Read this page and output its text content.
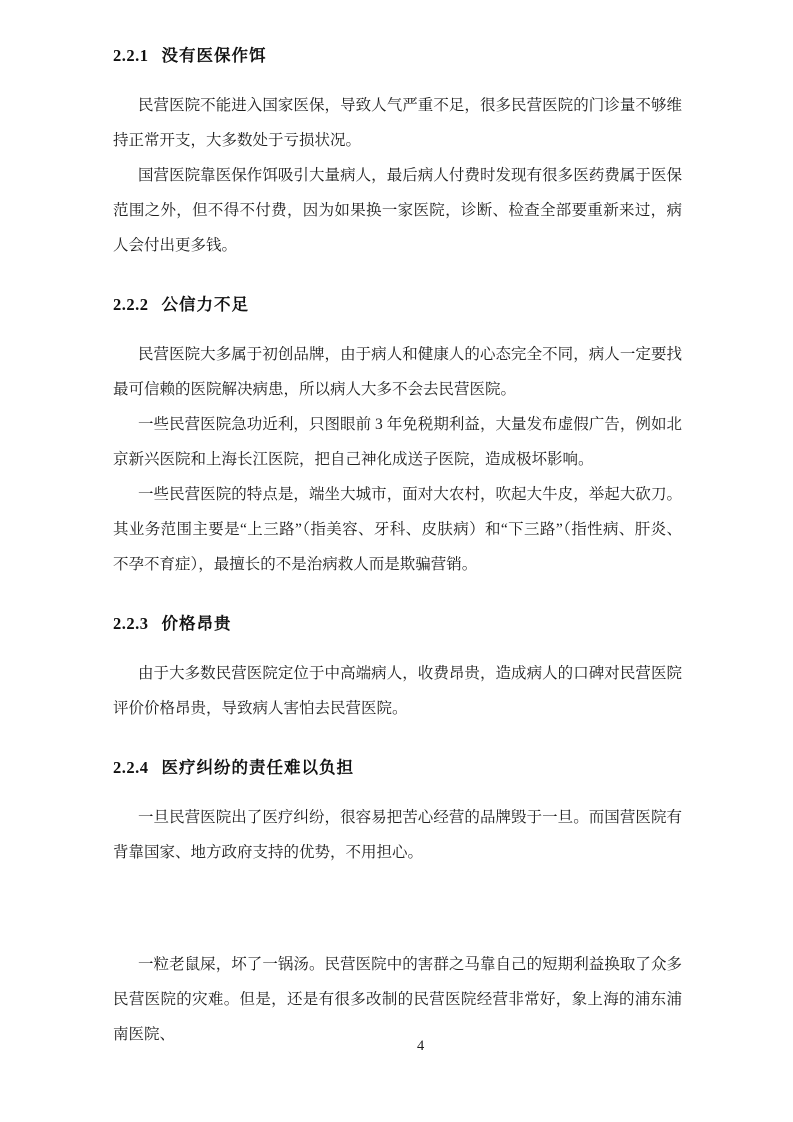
2.2.1 没有医保作饵

民营医院不能进入国家医保，导致人气严重不足，很多民营医院的门诊量不够维持正常开支，大多数处于亏损状况。

国营医院靠医保作饵吸引大量病人，最后病人付费时发现有很多医药费属于医保范围之外，但不得不付费，因为如果换一家医院，诊断、检查全部要重新来过，病人会付出更多钱。

2.2.2 公信力不足

民营医院大多属于初创品牌，由于病人和健康人的心态完全不同，病人一定要找最可信赖的医院解决病患，所以病人大多不会去民营医院。

一些民营医院急功近利，只图眼前 3 年免税期利益，大量发布虚假广告，例如北京新兴医院和上海长江医院，把自己神化成送子医院，造成极坏影响。

一些民营医院的特点是，端坐大城市，面对大农村，吹起大牛皮，举起大砍刀。其业务范围主要是“上三路”（指美容、牙科、皮肤病）和“下三路”（指性病、肝炎、不孕不育症），最擅长的不是治病救人而是欺骗营销。

2.2.3 价格昂贵

由于大多数民营医院定位于中高端病人，收费昂贵，造成病人的口碑对民营医院评价价格昂贵，导致病人害怕去民营医院。

2.2.4 医疗纠纷的责任难以负担

一旦民营医院出了医疗纠纷，很容易把苦心经营的品牌毁于一旦。而国营医院有背靠国家、地方政府支持的优势，不用担心。

一粒老鼠屎，坏了一锅汤。民营医院中的害群之马靠自己的短期利益换取了众多民营医院的灾难。但是，还是有很多改制的民营医院经营非常好，象上海的浦东浦南医院、

4
